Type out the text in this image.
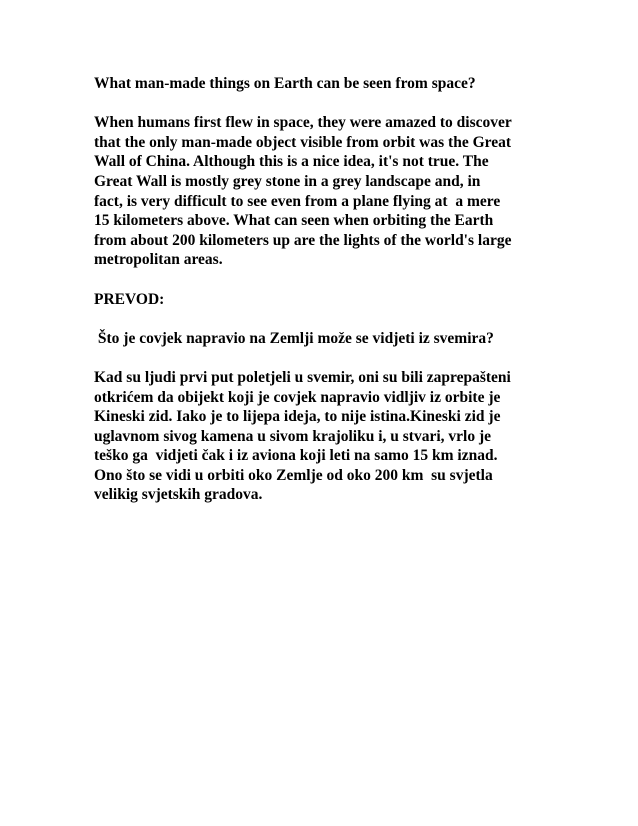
What man-made things on Earth can be seen from space?
When humans first flew in space, they were amazed to discover
that the only man-made object visible from orbit was the Great
Wall of China. Although this is a nice idea, it's not true. The
Great Wall is mostly grey stone in a grey landscape and, in
fact, is very difficult to see even from a plane flying at  a mere
15 kilometers above. What can seen when orbiting the Earth
from about 200 kilometers up are the lights of the world's large
metropolitan areas.
PREVOD:
Što je covjek napravio na Zemlji može se vidjeti iz svemira?
Kad su ljudi prvi put poletjeli u svemir, oni su bili zaprepašteni
otkrićem da obijekt koji je covjek napravio vidljiv iz orbite je
Kineski zid. Iako je to lijepa ideja, to nije istina.Kineski zid je
uglavnom sivog kamena u sivom krajoliku i, u stvari, vrlo je
teško ga  vidjeti čak i iz aviona koji leti na samo 15 km iznad.
Ono što se vidi u orbiti oko Zemlje od oko 200 km  su svjetla
velikig svjetskih gradova.
